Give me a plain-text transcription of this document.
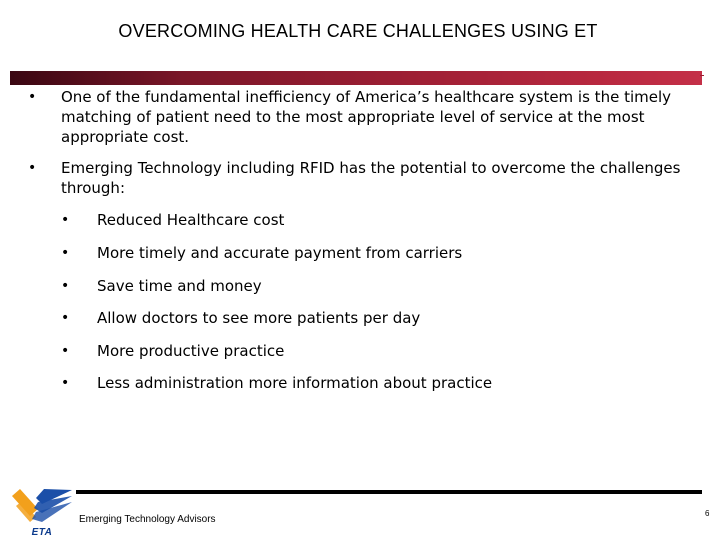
OVERCOMING HEALTH CARE CHALLENGES USING ET
• One of the fundamental inefficiency of America’s healthcare system is the timely matching of patient need to the most appropriate level of service at the most appropriate cost.
• Emerging Technology including RFID has the potential to overcome the challenges through:
• Reduced Healthcare cost
• More timely and accurate payment from carriers
• Save time and money
• Allow doctors to see more patients per day
• More productive practice
• Less administration more information about practice
ETA
Emerging Technology Advisors
6
